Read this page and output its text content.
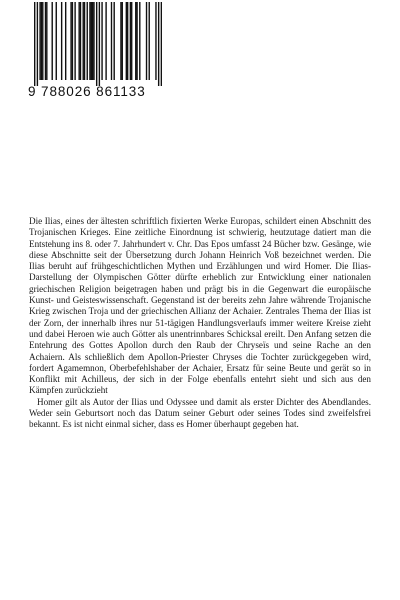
9 788026 861133

Die Ilias, eines der ältesten schriftlich fixierten Werke Europas, schildert einen Abschnitt des Trojanischen Krieges. Eine zeitliche Einordnung ist schwierig, heutzutage datiert man die Entstehung ins 8. oder 7. Jahrhundert v. Chr. Das Epos umfasst 24 Bücher bzw. Gesänge, wie diese Abschnitte seit der Übersetzung durch Johann Heinrich Voß bezeichnet werden. Die Ilias beruht auf frühgeschichtlichen Mythen und Erzählungen und wird Homer. Die Ilias-Darstellung der Olympischen Götter dürfte erheblich zur Entwicklung einer nationalen griechischen Religion beigetragen haben und prägt bis in die Gegenwart die europäische Kunst- und Geisteswissenschaft. Gegenstand ist der bereits zehn Jahre währende Trojanische Krieg zwischen Troja und der griechischen Allianz der Achaier. Zentrales Thema der Ilias ist der Zorn, der innerhalb ihres nur 51-tägigen Handlungsverlaufs immer weitere Kreise zieht und dabei Heroen wie auch Götter als unentrinnbares Schicksal ereilt. Den Anfang setzen die Entehrung des Gottes Apollon durch den Raub der Chryseïs und seine Rache an den Achaiern. Als schließlich dem Apollon-Priester Chryses die Tochter zurückgegeben wird, fordert Agamemnon, Oberbefehlshaber der Achaier, Ersatz für seine Beute und gerät so in Konflikt mit Achilleus, der sich in der Folge ebenfalls entehrt sieht und sich aus den Kämpfen zurückzieht

Homer gilt als Autor der Ilias und Odyssee und damit als erster Dichter des Abendlandes. Weder sein Geburtsort noch das Datum seiner Geburt oder seines Todes sind zweifelsfrei bekannt. Es ist nicht einmal sicher, dass es Homer überhaupt gegeben hat.
